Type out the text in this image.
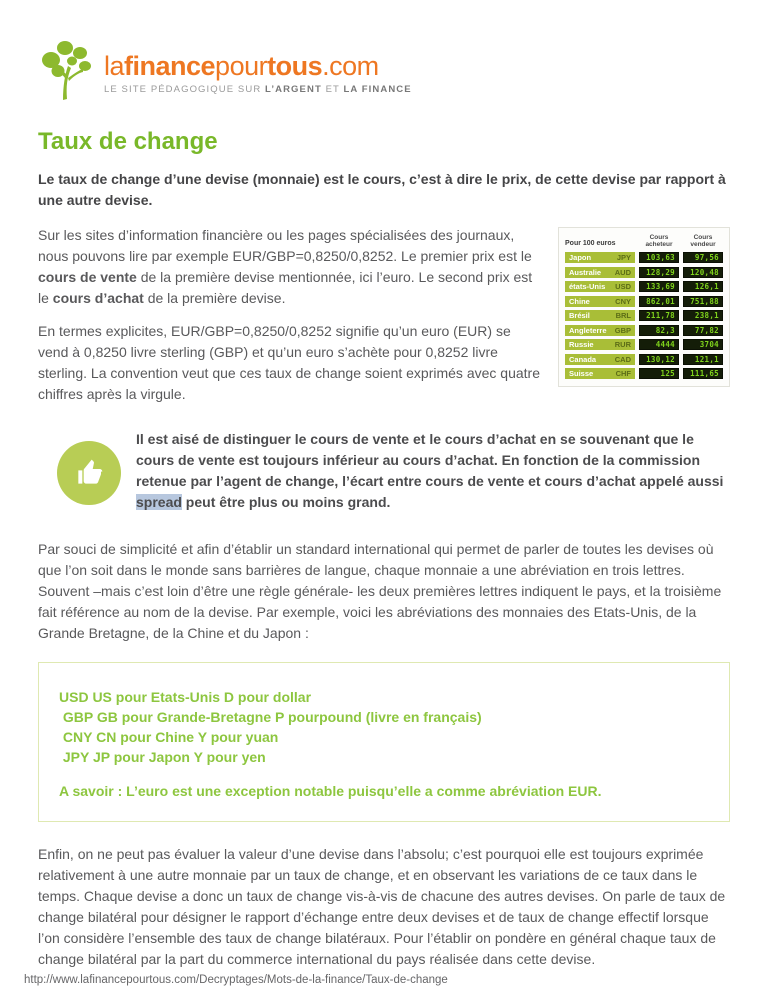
lafinancepourtous.com
LE SITE PÉDAGOGIQUE SUR L’ARGENT ET LA FINANCE
Taux de change

Le taux de change d’une devise (monnaie) est le cours, c’est à dire le prix, de cette devise par rapport à une autre devise.

Pour 100 euros
Cours acheteur
Cours vendeur
Japon	JPY	103,63	97,56
Australie AUD	128,29	120,48
états-Unis USD	133,69	126,1
Chine	CNY	862,01	751,88
Brésil	BRL	211,78	238,1
Angleterre GBP	82,3	77,82
Russie	RUR	4444	3704
Canada CAD	130,12	121,1
Suisse	CHF	125	111,65

Sur les sites d’information financière ou les pages spécialisées des journaux, nous pouvons lire par exemple EUR/GBP=0,8250/0,8252. Le premier prix est le cours de vente de la première devise mentionnée, ici l’euro. Le second prix est le cours d’achat de la première devise.

En termes explicites, EUR/GBP=0,8250/0,8252 signifie qu’un euro (EUR) se vend à 0,8250 livre sterling (GBP) et qu’un euro s’achète pour 0,8252 livre sterling. La convention veut que ces taux de change soient exprimés avec quatre chiffres après la virgule.

Il est aisé de distinguer le cours de vente et le cours d’achat en se souvenant que le cours de vente est toujours inférieur au cours d’achat. En fonction de la commission retenue par l’agent de change, l’écart entre cours de vente et cours d’achat appelé aussi spread peut être plus ou moins grand.

Par souci de simplicité et afin d’établir un standard international qui permet de parler de toutes les devises où que l’on soit dans le monde sans barrières de langue, chaque monnaie a une abréviation en trois lettres. Souvent –mais c’est loin d’être une règle générale- les deux premières lettres indiquent le pays, et la troisième fait référence au nom de la devise. Par exemple, voici les abréviations des monnaies des Etats-Unis, de la Grande Bretagne, de la Chine et du Japon :

USD US pour Etats-Unis D pour dollar
GBP GB pour Grande-Bretagne P pourpound (livre en français)
CNY CN pour Chine Y pour yuan
JPY JP pour Japon Y pour yen
A savoir : L’euro est une exception notable puisqu’elle a comme abréviation EUR.

Enfin, on ne peut pas évaluer la valeur d’une devise dans l’absolu; c’est pourquoi elle est toujours exprimée relativement à une autre monnaie par un taux de change, et en observant les variations de ce taux dans le temps. Chaque devise a donc un taux de change vis-à-vis de chacune des autres devises. On parle de taux de change bilatéral pour désigner le rapport d’échange entre deux devises et de taux de change effectif lorsque l’on considère l’ensemble des taux de change bilatéraux. Pour l’établir on pondère en général chaque taux de change bilatéral par la part du commerce international du pays réalisée dans cette devise.

http://www.lafinancepourtous.com/Decryptages/Mots-de-la-finance/Taux-de-change
